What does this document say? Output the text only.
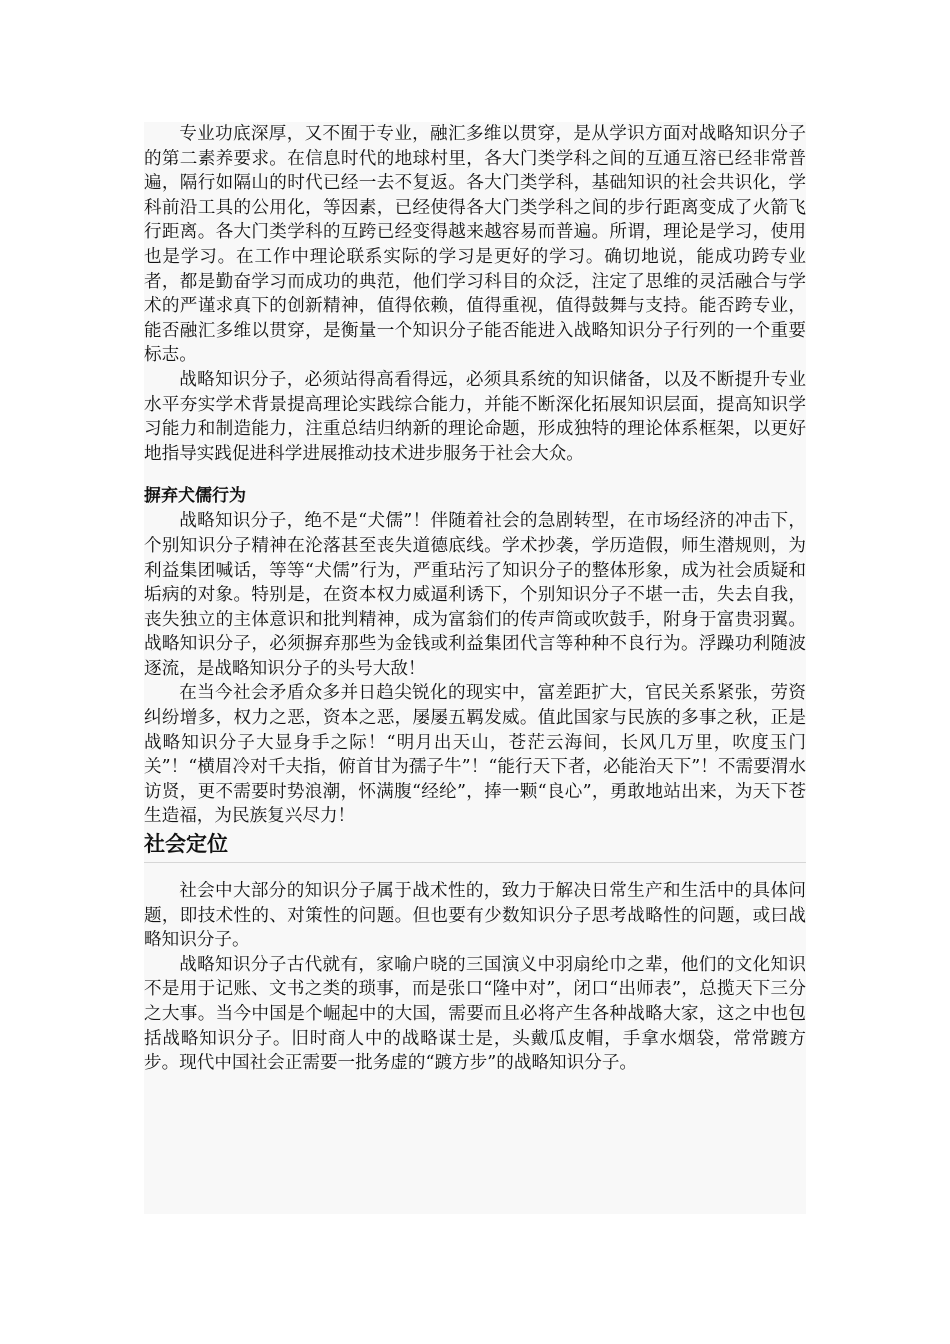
专业功底深厚，又不囿于专业，融汇多维以贯穿，是从学识方面对战略知识分子的第二素养要求。在信息时代的地球村里，各大门类学科之间的互通互溶已经非常普遍，隔行如隔山的时代已经一去不复返。各大门类学科，基础知识的社会共识化，学科前沿工具的公用化，等因素，已经使得各大门类学科之间的步行距离变成了火箭飞行距离。各大门类学科的互跨已经变得越来越容易而普遍。所谓，理论是学习，使用也是学习。在工作中理论联系实际的学习是更好的学习。确切地说，能成功跨专业者，都是勤奋学习而成功的典范，他们学习科目的众泛，注定了思维的灵活融合与学术的严谨求真下的创新精神，值得依赖，值得重视，值得鼓舞与支持。能否跨专业，能否融汇多维以贯穿，是衡量一个知识分子能否能进入战略知识分子行列的一个重要标志。

战略知识分子，必须站得高看得远，必须具系统的知识储备，以及不断提升专业水平夯实学术背景提高理论实践综合能力，并能不断深化拓展知识层面，提高知识学习能力和制造能力，注重总结归纳新的理论命题，形成独特的理论体系框架，以更好地指导实践促进科学进展推动技术进步服务于社会大众。

摒弃犬儒行为

战略知识分子，绝不是“犬儒”！伴随着社会的急剧转型，在市场经济的冲击下，个别知识分子精神在沦落甚至丧失道德底线。学术抄袭，学历造假，师生潜规则，为利益集团喊话，等等“犬儒”行为，严重玷污了知识分子的整体形象，成为社会质疑和垢病的对象。特别是，在资本权力威逼利诱下，个别知识分子不堪一击，失去自我，丧失独立的主体意识和批判精神，成为富翁们的传声筒或吹鼓手，附身于富贵羽翼。战略知识分子，必须摒弃那些为金钱或利益集团代言等种种不良行为。浮躁功利随波逐流，是战略知识分子的头号大敌！

在当今社会矛盾众多并日趋尖锐化的现实中，富差距扩大，官民关系紧张，劳资纠纷增多，权力之恶，资本之恶，屡屡五羁发威。值此国家与民族的多事之秋，正是战略知识分子大显身手之际！“明月出天山，苍茫云海间，长风几万里，吹度玉门关”！“横眉冷对千夫指，俯首甘为孺子牛”！“能行天下者，必能治天下”！不需要渭水访贤，更不需要时势浪潮，怀满腹“经纶”，捧一颗“良心”，勇敢地站出来，为天下苍生造福，为民族复兴尽力！

社会定位

社会中大部分的知识分子属于战术性的，致力于解决日常生产和生活中的具体问题，即技术性的、对策性的问题。但也要有少数知识分子思考战略性的问题，或曰战略知识分子。

战略知识分子古代就有，家喻户晓的三国演义中羽扇纶巾之辈，他们的文化知识不是用于记账、文书之类的琐事，而是张口“隆中对”，闭口“出师表”，总揽天下三分之大事。当今中国是个崛起中的大国，需要而且必将产生各种战略大家，这之中也包括战略知识分子。旧时商人中的战略谋士是，头戴瓜皮帽，手拿水烟袋，常常踱方步。现代中国社会正需要一批务虚的“踱方步”的战略知识分子。
